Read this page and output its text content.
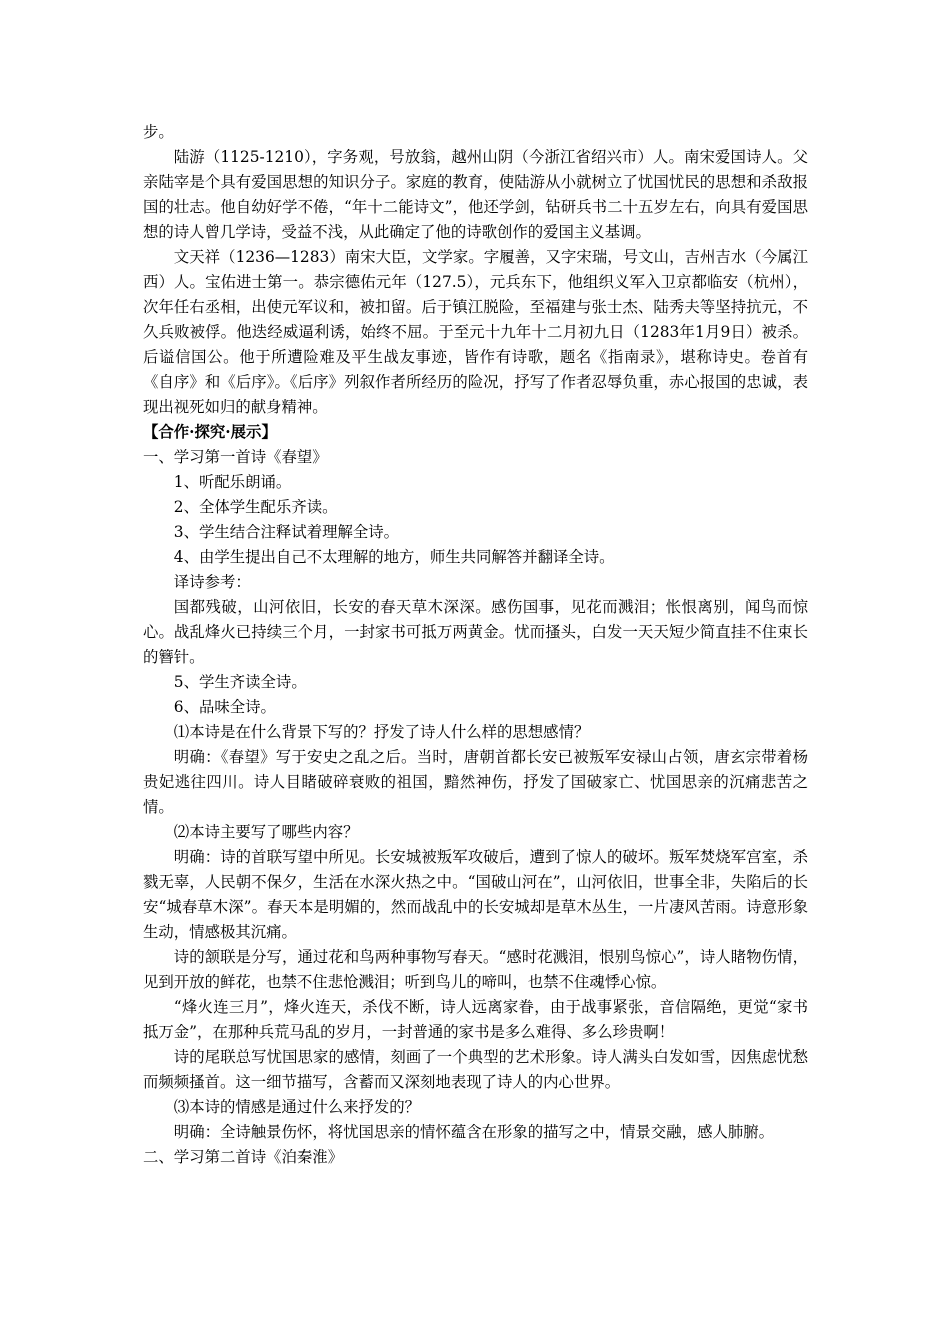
步。

陆游（1125-1210），字务观，号放翁，越州山阴（今浙江省绍兴市）人。南宋爱国诗人。父亲陆宰是个具有爱国思想的知识分子。家庭的教育，使陆游从小就树立了忧国忧民的思想和杀敌报国的壮志。他自幼好学不倦，“年十二能诗文”，他还学剑，钻研兵书二十五岁左右，向具有爱国思想的诗人曾几学诗，受益不浅，从此确定了他的诗歌创作的爱国主义基调。

文天祥（1236—1283）南宋大臣，文学家。字履善，又字宋瑞，号文山，吉州吉水（今属江西）人。宝佑进士第一。恭宗德佑元年（127.5），元兵东下，他组织义军入卫京都临安（杭州），次年任右丞相，出使元军议和，被扣留。后于镇江脱险，至福建与张士杰、陆秀夫等坚持抗元，不久兵败被俘。他迭经威逼利诱，始终不屈。于至元十九年十二月初九日（1283年1月9日）被杀。后谥信国公。他于所遭险难及平生战友事迹，皆作有诗歌，题名《指南录》，堪称诗史。卷首有《自序》和《后序》。《后序》列叙作者所经历的险况，抒写了作者忍辱负重，赤心报国的忠诚，表现出视死如归的献身精神。

【合作·探究·展示】

一、学习第一首诗《春望》

1、听配乐朗诵。

2、全体学生配乐齐读。

3、学生结合注释试着理解全诗。

4、由学生提出自己不太理解的地方，师生共同解答并翻译全诗。

译诗参考：

国都残破，山河依旧，长安的春天草木深深。感伤国事，见花而溅泪；怅恨离别，闻鸟而惊心。战乱烽火已持续三个月，一封家书可抵万两黄金。忧而搔头，白发一天天短少简直挂不住束长的簪针。

5、学生齐读全诗。

6、品味全诗。

⑴本诗是在什么背景下写的？抒发了诗人什么样的思想感情？

明确：《春望》写于安史之乱之后。当时，唐朝首都长安已被叛军安禄山占领，唐玄宗带着杨贵妃逃往四川。诗人目睹破碎衰败的祖国，黯然神伤，抒发了国破家亡、忧国思亲的沉痛悲苦之情。

⑵本诗主要写了哪些内容？

明确：诗的首联写望中所见。长安城被叛军攻破后，遭到了惊人的破坏。叛军焚烧军宫室，杀戮无辜，人民朝不保夕，生活在水深火热之中。“国破山河在”，山河依旧，世事全非，失陷后的长安“城春草木深”。春天本是明媚的，然而战乱中的长安城却是草木丛生，一片凄风苦雨。诗意形象生动，情感极其沉痛。

诗的颔联是分写，通过花和鸟两种事物写春天。“感时花溅泪，恨别鸟惊心”，诗人睹物伤情，见到开放的鲜花，也禁不住悲怆溅泪；听到鸟儿的啼叫，也禁不住魂悸心惊。

“烽火连三月”，烽火连天，杀伐不断，诗人远离家眷，由于战事紧张，音信隔绝，更觉“家书抵万金”，在那种兵荒马乱的岁月，一封普通的家书是多么难得、多么珍贵啊！

诗的尾联总写忧国思家的感情，刻画了一个典型的艺术形象。诗人满头白发如雪，因焦虑忧愁而频频搔首。这一细节描写，含蓄而又深刻地表现了诗人的内心世界。

⑶本诗的情感是通过什么来抒发的？

明确：全诗触景伤怀，将忧国思亲的情怀蕴含在形象的描写之中，情景交融，感人肺腑。

二、学习第二首诗《泊秦淮》
